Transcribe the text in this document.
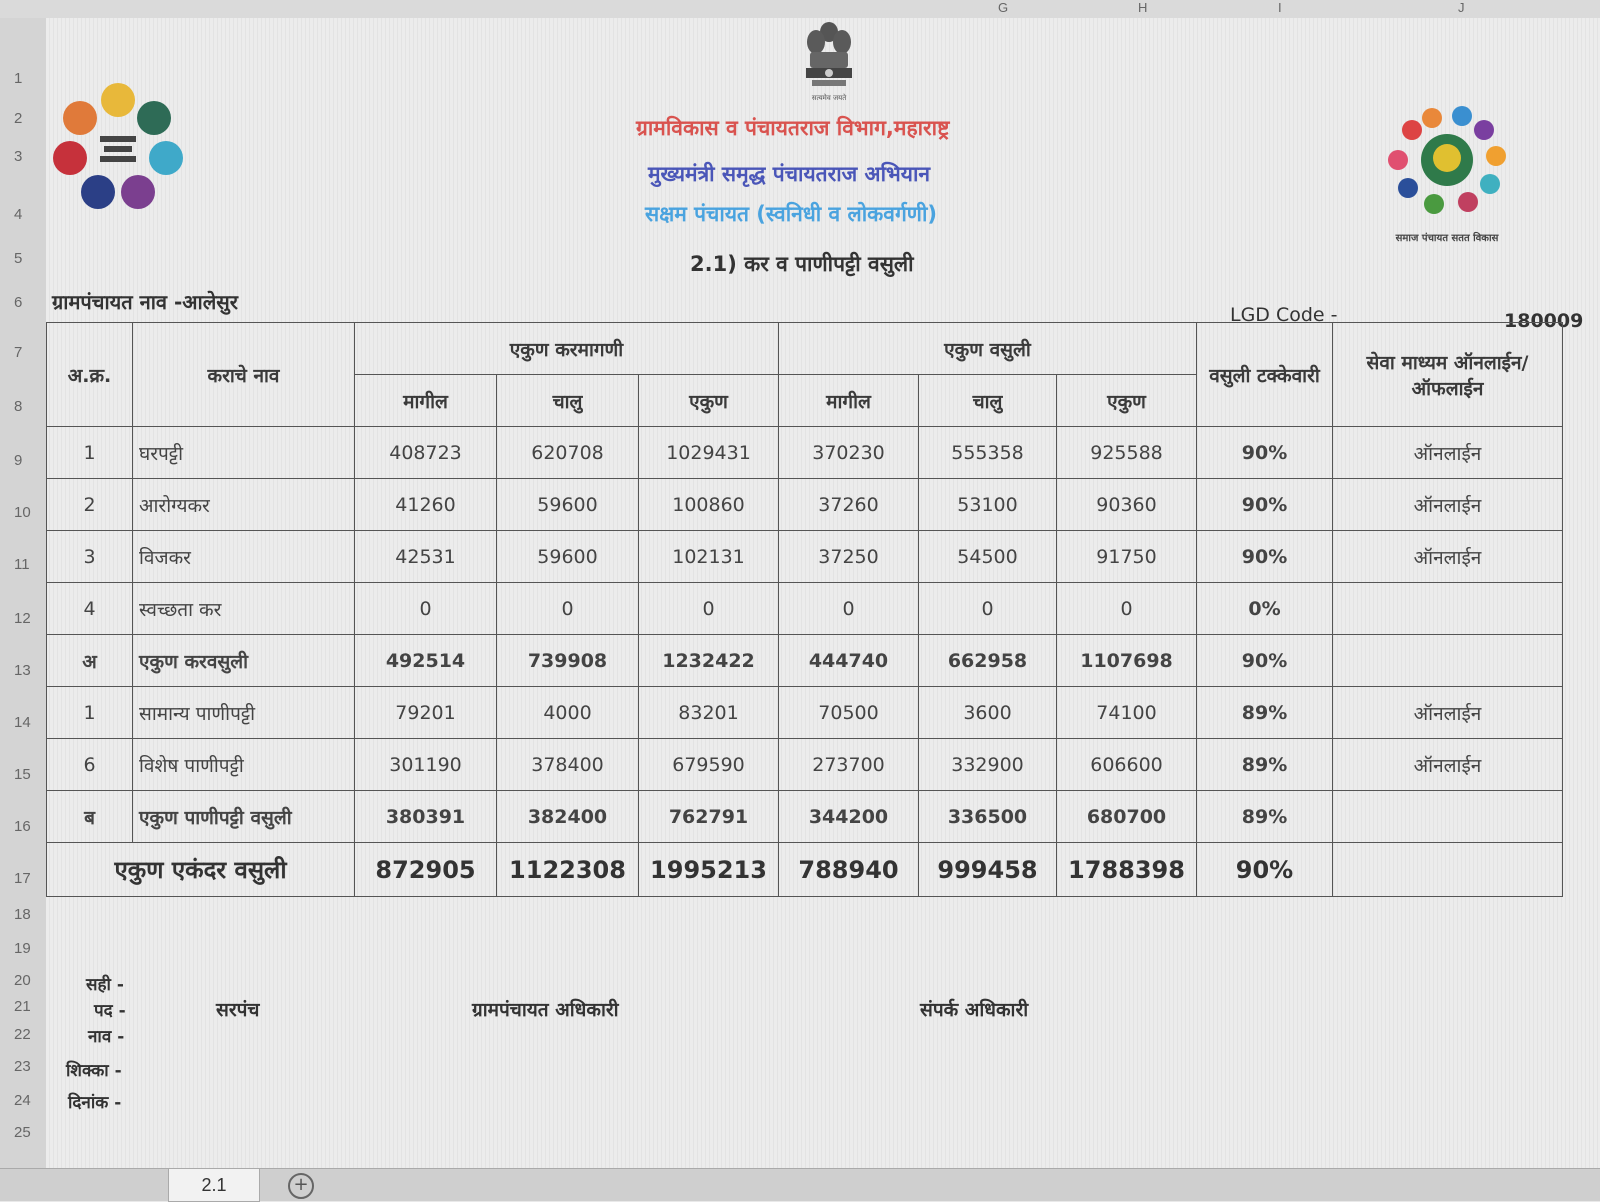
G	H	I	J
1
2
3
4
5
6
7
8
9
10
11
12
13
14
15
16
17
18
19
20
21
22
23
24
25
सत्यमेव जयते
समाज पंचायत सतत विकास
ग्रामविकास व पंचायतराज विभाग,महाराष्ट्र
मुख्यमंत्री समृद्ध पंचायतराज अभियान
सक्षम पंचायत (स्वनिधी व लोकवर्गणी)
2.1) कर व पाणीपट्टी वसुली
ग्रामपंचायत नाव -आलेसुर
LGD Code -	180009
अ.क्र.	कराचे नाव	एकुण करमागणी			एकुण वसुली			वसुली टक्केवारी	सेवा माध्यम ऑनलाईन/ऑफलाईन
		मागील	चालु	एकुण	मागील	चालु	एकुण		
1	घरपट्टी	408723	620708	1029431	370230	555358	925588	90%	ऑनलाईन
2	आरोग्यकर	41260	59600	100860	37260	53100	90360	90%	ऑनलाईन
3	विजकर	42531	59600	102131	37250	54500	91750	90%	ऑनलाईन
4	स्वच्छता कर	0	0	0	0	0	0	0%	
अ	एकुण करवसुली	492514	739908	1232422	444740	662958	1107698	90%	
1	सामान्य पाणीपट्टी	79201	4000	83201	70500	3600	74100	89%	ऑनलाईन
6	विशेष पाणीपट्टी	301190	378400	679590	273700	332900	606600	89%	ऑनलाईन
ब	एकुण पाणीपट्टी वसुली	380391	382400	762791	344200	336500	680700	89%	
एकुण एकंदर वसुली		872905	1122308	1995213	788940	999458	1788398	90%	
सही -
पद -
नाव -
शिक्का -
दिनांक -
सरपंच	ग्रामपंचायत अधिकारी	संपर्क अधिकारी
2.1	+
